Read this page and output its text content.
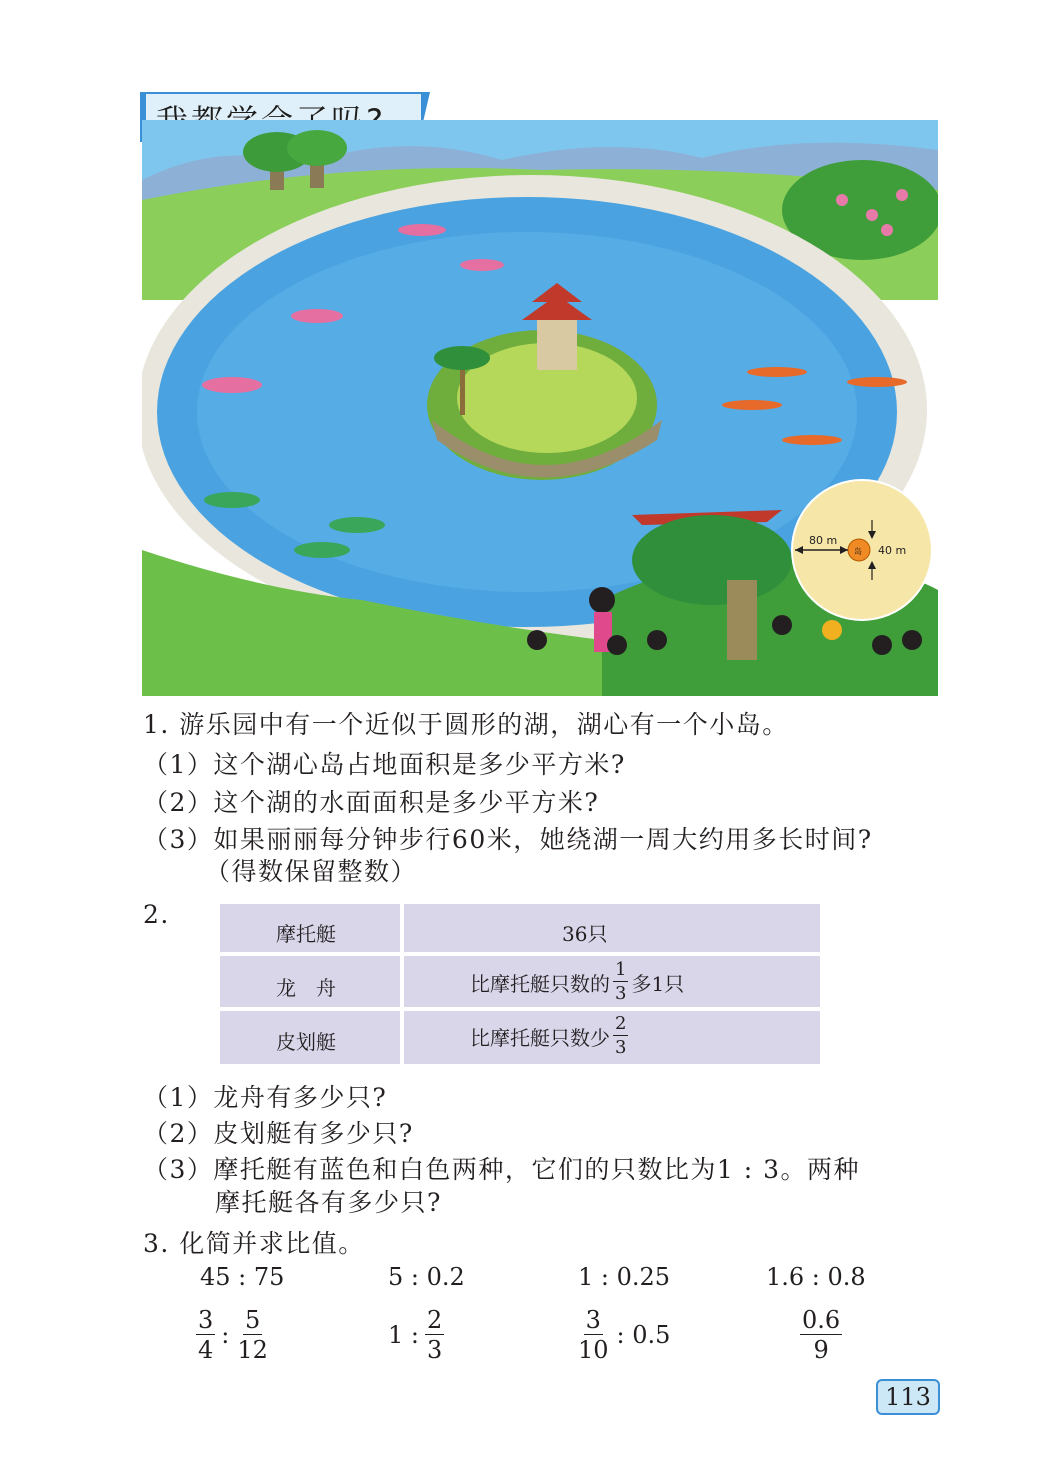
80 m
岛 40 m
1. 游乐园中有一个近似于圆形的湖，湖心有一个小岛。
（1）这个湖心岛占地面积是多少平方米?
（2）这个湖的水面面积是多少平方米?
（3）如果丽丽每分钟步行60米，她绕湖一周大约用多长时间?
（得数保留整数）
2.
摩托艇	36只
龙　舟	比摩托艇只数的 $\frac{1}{3}$ 多1只
皮划艇	比摩托艇只数少 $\frac{2}{3}$
（1）龙舟有多少只?
（2）皮划艇有多少只?
（3）摩托艇有蓝色和白色两种，它们的只数比为1 : 3。两种
摩托艇各有多少只?
3. 化简并求比值。
45 : 75	5 : 0.2	1 : 0.25	1.6 : 0.8
$\frac{3}{4}$ : $\frac{5}{12}$	1 : $\frac{2}{3}$	$\frac{3}{10}$ : 0.5	$\frac{0.6}{9}$
113
